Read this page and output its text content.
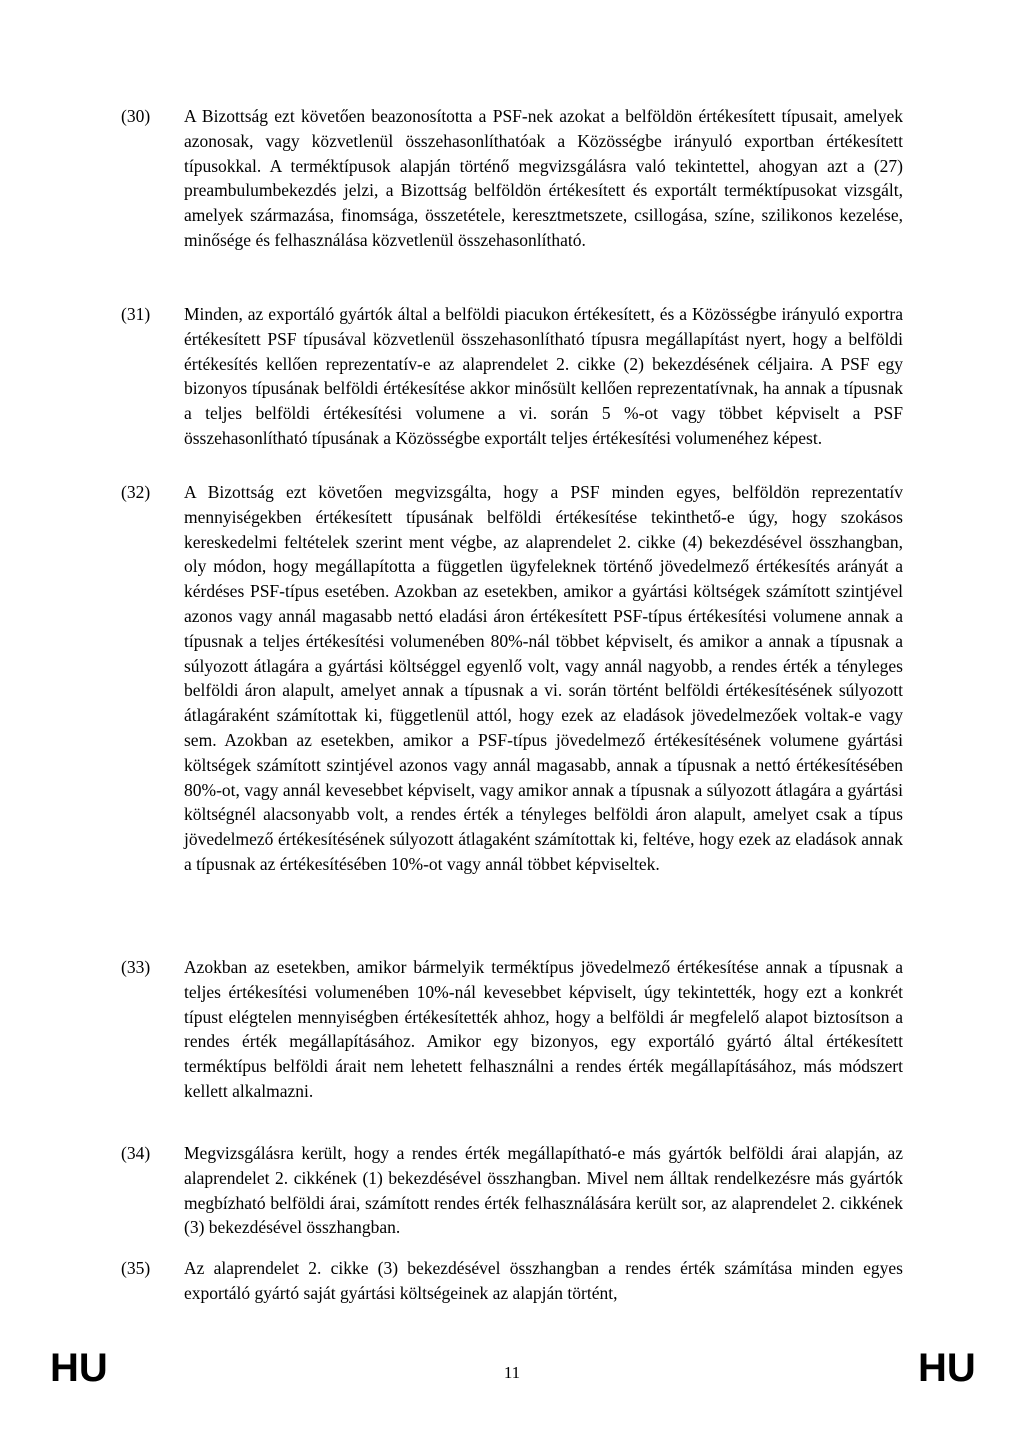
(30) A Bizottság ezt követően beazonosította a PSF-nek azokat a belföldön értékesített típusait, amelyek azonosak, vagy közvetlenül összehasonlíthatóak a Közösségbe irányuló exportban értékesített típusokkal. A terméktípusok alapján történő megvizsgálásra való tekintettel, ahogyan azt a (27) preambulumbekezdés jelzi, a Bizottság belföldön értékesített és exportált terméktípusokat vizsgált, amelyek származása, finomsága, összetétele, keresztmetszete, csillogása, színe, szilikonos kezelése, minősége és felhasználása közvetlenül összehasonlítható.

(31) Minden, az exportáló gyártók által a belföldi piacukon értékesített, és a Közösségbe irányuló exportra értékesített PSF típusával közvetlenül összehasonlítható típusra megállapítást nyert, hogy a belföldi értékesítés kellően reprezentatív-e az alaprendelet 2. cikke (2) bekezdésének céljaira. A PSF egy bizonyos típusának belföldi értékesítése akkor minősült kellően reprezentatívnak, ha annak a típusnak a teljes belföldi értékesítési volumene a vi. során 5 %-ot vagy többet képviselt a PSF összehasonlítható típusának a Közösségbe exportált teljes értékesítési volumenéhez képest.

(32) A Bizottság ezt követően megvizsgálta, hogy a PSF minden egyes, belföldön reprezentatív mennyiségekben értékesített típusának belföldi értékesítése tekinthető-e úgy, hogy szokásos kereskedelmi feltételek szerint ment végbe, az alaprendelet 2. cikke (4) bekezdésével összhangban, oly módon, hogy megállapította a független ügyfeleknek történő jövedelmező értékesítés arányát a kérdéses PSF-típus esetében. Azokban az esetekben, amikor a gyártási költségek számított szintjével azonos vagy annál magasabb nettó eladási áron értékesített PSF-típus értékesítési volumene annak a típusnak a teljes értékesítési volumenében 80%-nál többet képviselt, és amikor a annak a típusnak a súlyozott átlagára a gyártási költséggel egyenlő volt, vagy annál nagyobb, a rendes érték a tényleges belföldi áron alapult, amelyet annak a típusnak a vi. során történt belföldi értékesítésének súlyozott átlagáraként számítottak ki, függetlenül attól, hogy ezek az eladások jövedelmezőek voltak-e vagy sem. Azokban az esetekben, amikor a PSF-típus jövedelmező értékesítésének volumene gyártási költségek számított szintjével azonos vagy annál magasabb, annak a típusnak a nettó értékesítésében 80%-ot, vagy annál kevesebbet képviselt, vagy amikor annak a típusnak a súlyozott átlagára a gyártási költségnél alacsonyabb volt, a rendes érték a tényleges belföldi áron alapult, amelyet csak a típus jövedelmező értékesítésének súlyozott átlagaként számítottak ki, feltéve, hogy ezek az eladások annak a típusnak az értékesítésében 10%-ot vagy annál többet képviseltek.

(33) Azokban az esetekben, amikor bármelyik terméktípus jövedelmező értékesítése annak a típusnak a teljes értékesítési volumenében 10%-nál kevesebbet képviselt, úgy tekintették, hogy ezt a konkrét típust elégtelen mennyiségben értékesítették ahhoz, hogy a belföldi ár megfelelő alapot biztosítson a rendes érték megállapításához. Amikor egy bizonyos, egy exportáló gyártó által értékesített terméktípus belföldi árait nem lehetett felhasználni a rendes érték megállapításához, más módszert kellett alkalmazni.

(34) Megvizsgálásra került, hogy a rendes érték megállapítható-e más gyártók belföldi árai alapján, az alaprendelet 2. cikkének (1) bekezdésével összhangban. Mivel nem álltak rendelkezésre más gyártók megbízható belföldi árai, számított rendes érték felhasználására került sor, az alaprendelet 2. cikkének (3) bekezdésével összhangban.

(35) Az alaprendelet 2. cikke (3) bekezdésével összhangban a rendes érték számítása minden egyes exportáló gyártó saját gyártási költségeinek az alapján történt,

HU	11	HU
